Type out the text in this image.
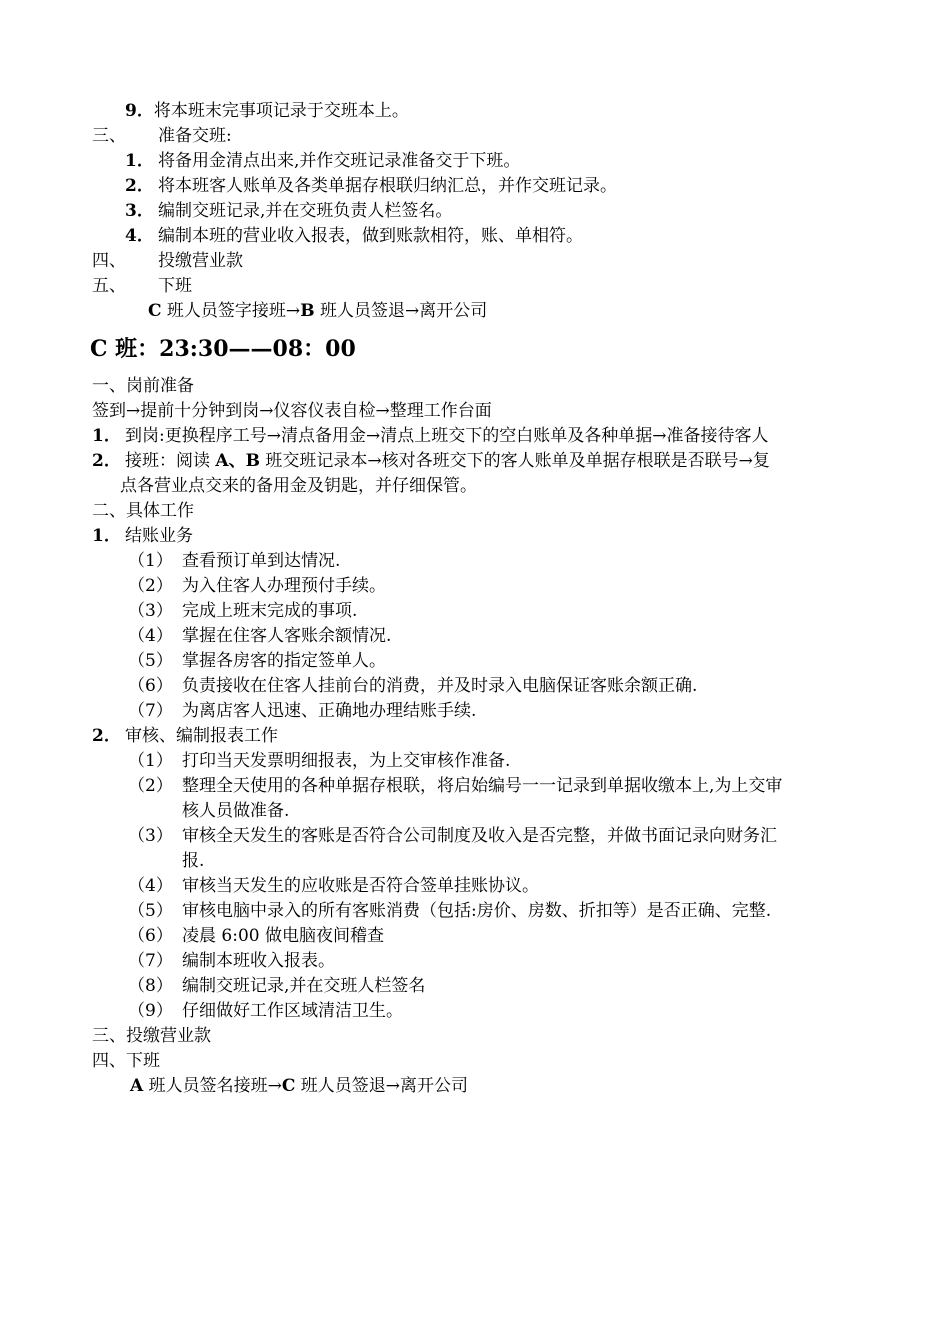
9．将本班末完事项记录于交班本上。
三、 准备交班:
1． 将备用金清点出来,并作交班记录准备交于下班。
2． 将本班客人账单及各类单据存根联归纳汇总，并作交班记录。
3． 编制交班记录,并在交班负责人栏签名。
4． 编制本班的营业收入报表，做到账款相符，账、单相符。
四、 投缴营业款
五、 下班
C 班人员签字接班→B 班人员签退→离开公司
C 班：23:30——08：00
一、岗前准备
签到→提前十分钟到岗→仪容仪表自检→整理工作台面
1． 到岗:更换程序工号→清点备用金→清点上班交下的空白账单及各种单据→准备接待客人
2． 接班：阅读 A、B 班交班记录本→核对各班交下的客人账单及单据存根联是否联号→复
点各营业点交来的备用金及钥匙，并仔细保管。
二、具体工作
1． 结账业务
（1） 查看预订单到达情况.
（2） 为入住客人办理预付手续。
（3） 完成上班末完成的事项.
（4） 掌握在住客人客账余额情况.
（5） 掌握各房客的指定签单人。
（6） 负责接收在住客人挂前台的消费，并及时录入电脑保证客账余额正确.
（7） 为离店客人迅速、正确地办理结账手续.
2． 审核、编制报表工作
（1） 打印当天发票明细报表，为上交审核作准备.
（2） 整理全天使用的各种单据存根联，将启始编号一一记录到单据收缴本上,为上交审
核人员做准备.
（3） 审核全天发生的客账是否符合公司制度及收入是否完整，并做书面记录向财务汇
报.
（4） 审核当天发生的应收账是否符合签单挂账协议。
（5） 审核电脑中录入的所有客账消费（包括:房价、房数、折扣等）是否正确、完整.
（6） 凌晨 6:00 做电脑夜间稽查
（7） 编制本班收入报表。
（8） 编制交班记录,并在交班人栏签名
（9） 仔细做好工作区域清洁卫生。
三、投缴营业款
四、下班
A 班人员签名接班→C 班人员签退→离开公司
